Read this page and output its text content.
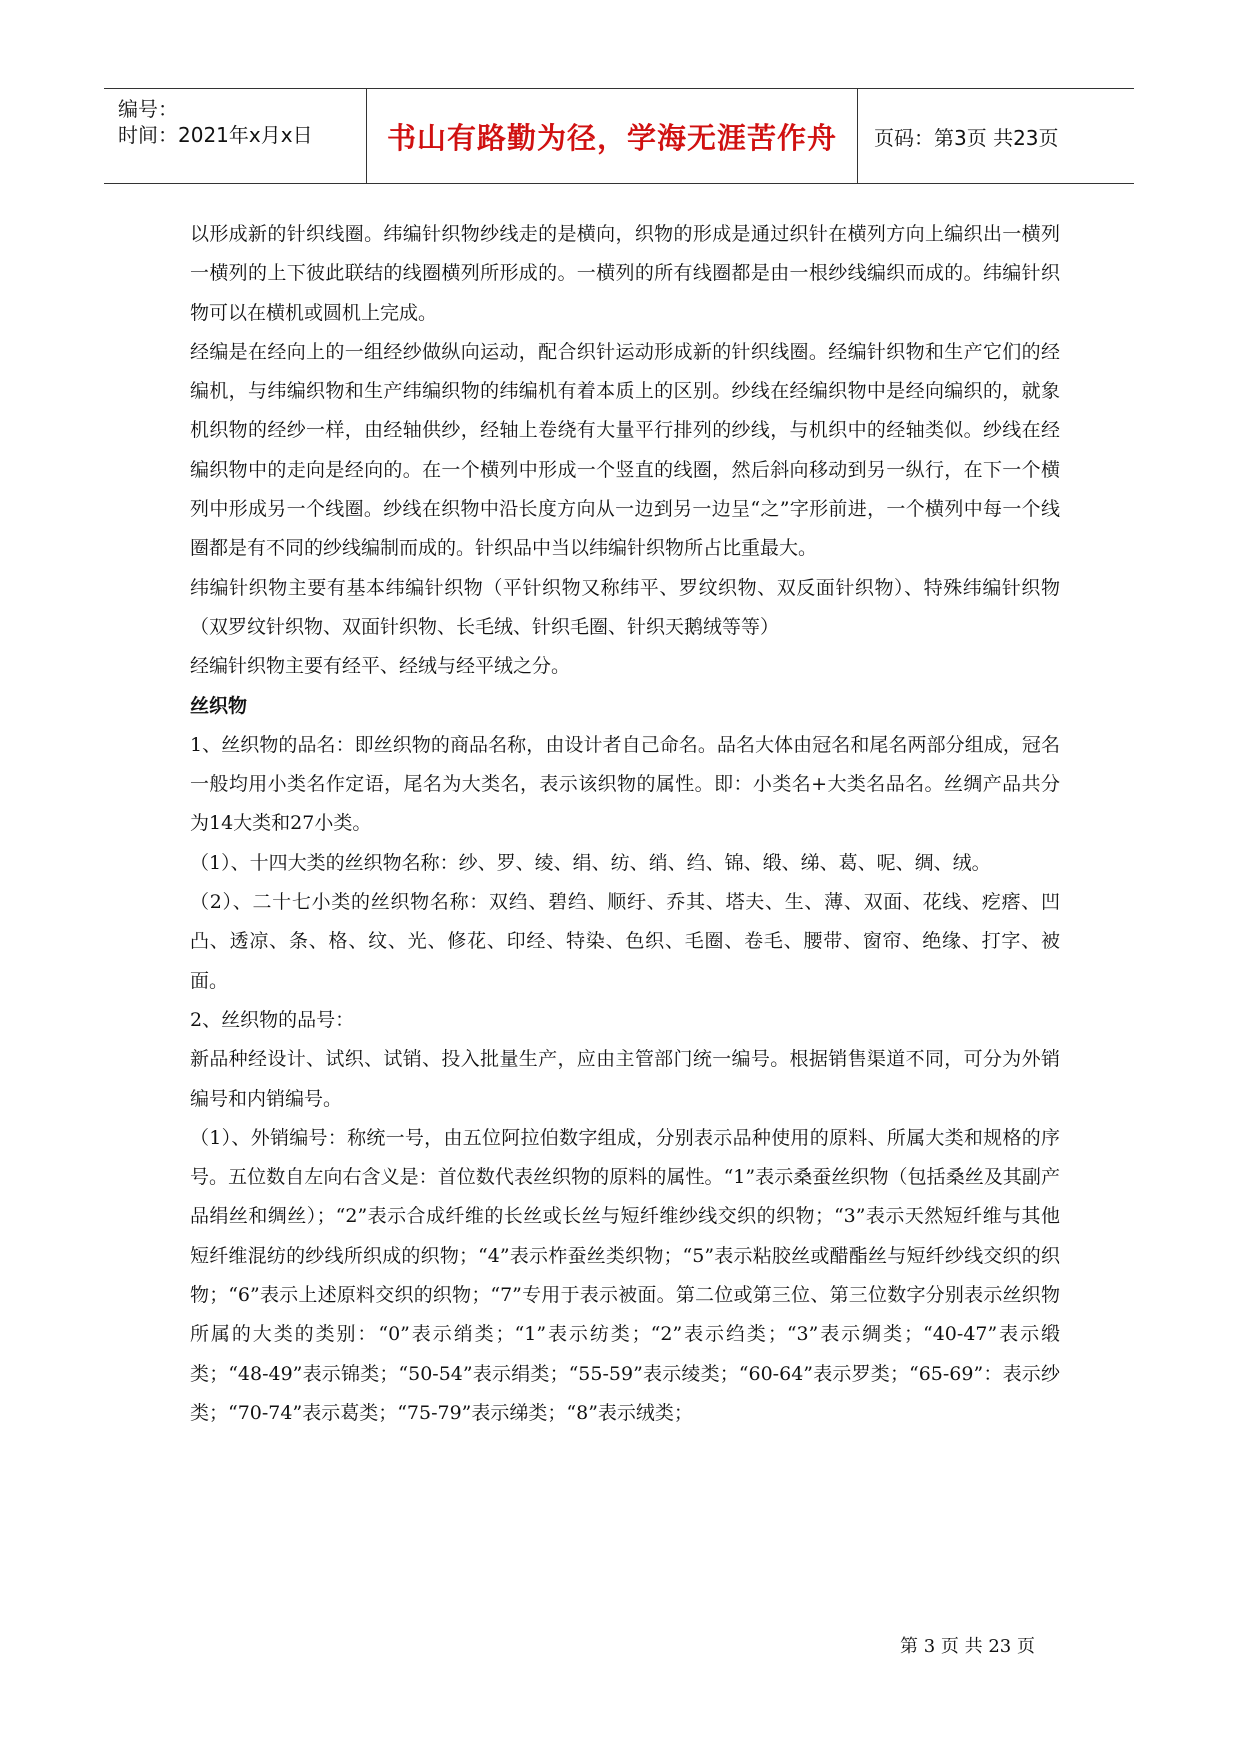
编号：
时间：2021年x月x日	书山有路勤为径，学海无涯苦作舟	页码：第3页 共23页

以形成新的针织线圈。纬编针织物纱线走的是横向，织物的形成是通过织针在横列方向上编织出一横列一横列的上下彼此联结的线圈横列所形成的。一横列的所有线圈都是由一根纱线编织而成的。纬编针织物可以在横机或圆机上完成。

经编是在经向上的一组经纱做纵向运动，配合织针运动形成新的针织线圈。经编针织物和生产它们的经编机，与纬编织物和生产纬编织物的纬编机有着本质上的区别。纱线在经编织物中是经向编织的，就象机织物的经纱一样，由经轴供纱，经轴上卷绕有大量平行排列的纱线，与机织中的经轴类似。纱线在经编织物中的走向是经向的。在一个横列中形成一个竖直的线圈，然后斜向移动到另一纵行，在下一个横列中形成另一个线圈。纱线在织物中沿长度方向从一边到另一边呈“之”字形前进，一个横列中每一个线圈都是有不同的纱线编制而成的。针织品中当以纬编针织物所占比重最大。

纬编针织物主要有基本纬编针织物（平针织物又称纬平、罗纹织物、双反面针织物）、特殊纬编针织物（双罗纹针织物、双面针织物、长毛绒、针织毛圈、针织天鹅绒等等）

经编针织物主要有经平、经绒与经平绒之分。

丝织物

1、丝织物的品名：即丝织物的商品名称，由设计者自己命名。品名大体由冠名和尾名两部分组成，冠名一般均用小类名作定语，尾名为大类名，表示该织物的属性。即：小类名+大类名品名。丝绸产品共分为14大类和27小类。

（1）、十四大类的丝织物名称：纱、罗、绫、绢、纺、绡、绉、锦、缎、绨、葛、呢、绸、绒。

（2）、二十七小类的丝织物名称：双绉、碧绉、顺纡、乔其、塔夫、生、薄、双面、花线、疙瘩、凹凸、透凉、条、格、纹、光、修花、印经、特染、色织、毛圈、卷毛、腰带、窗帘、绝缘、打字、被面。

2、丝织物的品号：

新品种经设计、试织、试销、投入批量生产，应由主管部门统一编号。根据销售渠道不同，可分为外销编号和内销编号。

（1）、外销编号：称统一号，由五位阿拉伯数字组成，分别表示品种使用的原料、所属大类和规格的序号。五位数自左向右含义是：首位数代表丝织物的原料的属性。“1”表示桑蚕丝织物（包括桑丝及其副产品绢丝和绸丝）；“2”表示合成纤维的长丝或长丝与短纤维纱线交织的织物；“3”表示天然短纤维与其他短纤维混纺的纱线所织成的织物；“4”表示柞蚕丝类织物；“5”表示粘胶丝或醋酯丝与短纤纱线交织的织物；“6”表示上述原料交织的织物；“7”专用于表示被面。第二位或第三位、第三位数字分别表示丝织物所属的大类的类别：“0”表示绡类；“1”表示纺类；“2”表示绉类；“3”表示绸类；“40-47”表示缎类；“48-49”表示锦类；“50-54”表示绢类；“55-59”表示绫类；“60-64”表示罗类；“65-69”：表示纱类；“70-74”表示葛类；“75-79”表示绨类；“8”表示绒类；

第 3 页 共 23 页
